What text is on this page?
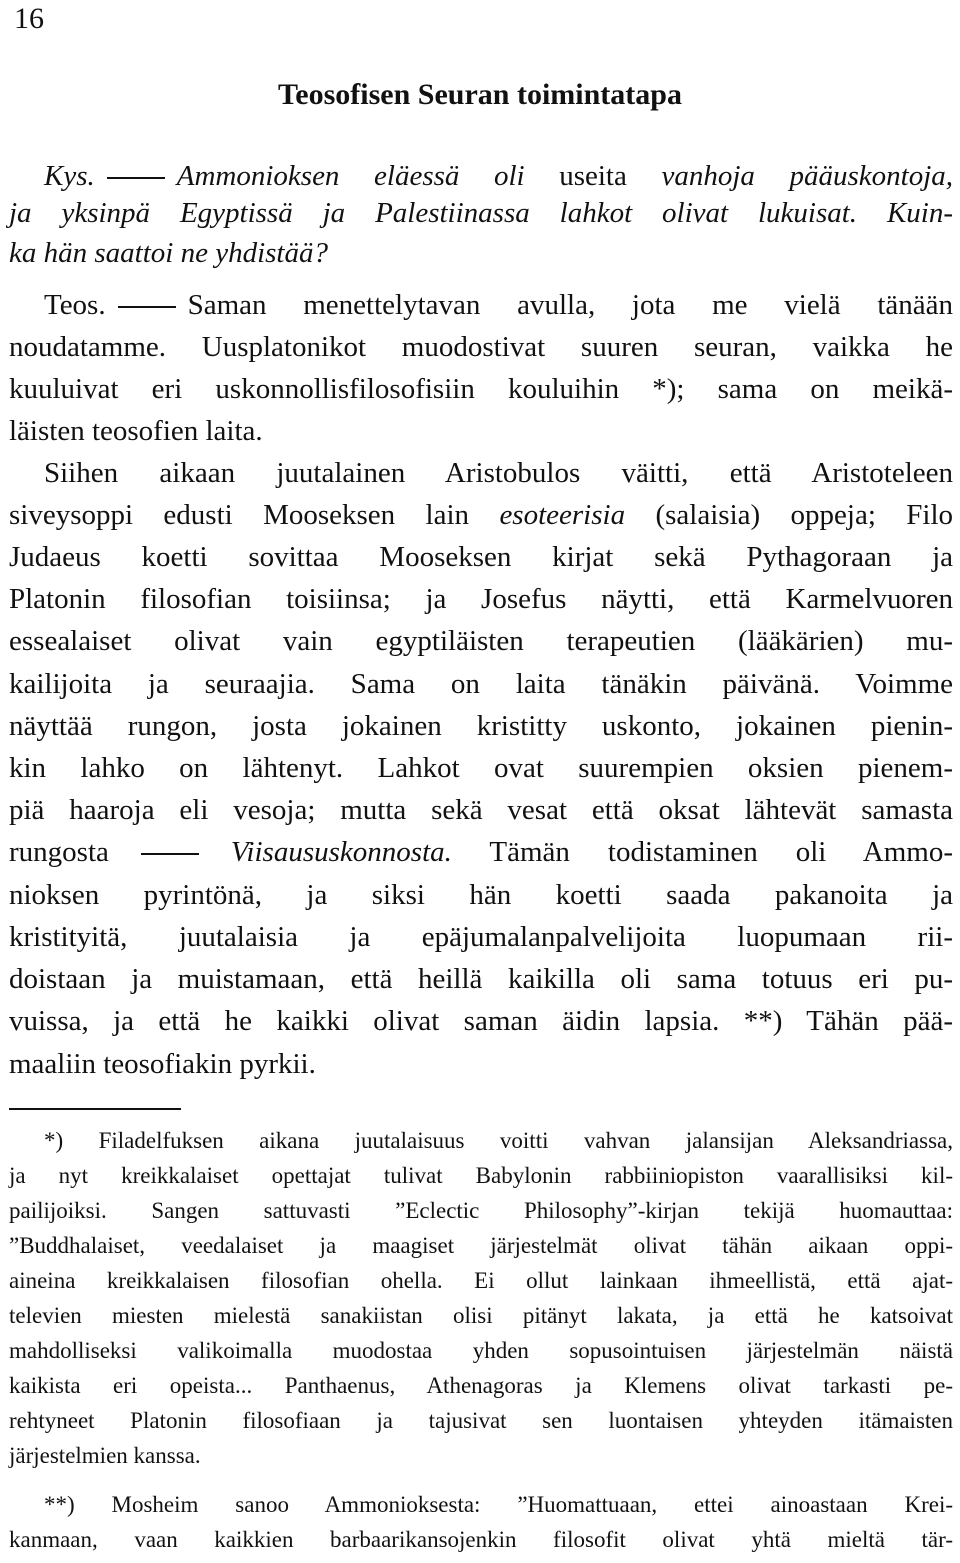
16
Teosofisen Seuran toimintatapa
Kys.	Ammonioksen eläessä oli useita vanhoja pääuskontoja,
ja yksinpä Egyptissä ja Palestiinassa lahkot olivat lukuisat. Kuin-
ka hän saattoi ne yhdistää?
Teos.	Saman menettelytavan avulla, jota me vielä tänään
noudatamme. Uusplatonikot muodostivat suuren seuran, vaikka he
kuuluivat eri uskonnollisfilosofisiin kouluihin *); sama on meikä-
läisten teosofien laita.
Siihen aikaan juutalainen Aristobulos väitti, että Aristoteleen
siveysoppi edusti Mooseksen lain esoteerisia (salaisia) oppeja; Filo
Judaeus koetti sovittaa Mooseksen kirjat sekä Pythagoraan ja
Platonin filosofian toisiinsa; ja Josefus näytti, että Karmelvuoren
essealaiset olivat vain egyptiläisten terapeutien (lääkärien) mu-
kailijoita ja seuraajia. Sama on laita tänäkin päivänä. Voimme
näyttää rungon, josta jokainen kristitty uskonto, jokainen pienin-
kin lahko on lähtenyt. Lahkot ovat suurempien oksien pienem-
piä haaroja eli vesoja; mutta sekä vesat että oksat lähtevät samasta
rungosta	Viisaususkonnosta. Tämän todistaminen oli Ammo-
nioksen pyrintönä, ja siksi hän koetti saada pakanoita ja
kristityitä, juutalaisia ja epäjumalanpalvelijoita luopumaan rii-
doistaan ja muistamaan, että heillä kaikilla oli sama totuus eri pu-
vuissa, ja että he kaikki olivat saman äidin lapsia. **) Tähän pää-
maaliin teosofiakin pyrkii.
*) Filadelfuksen aikana juutalaisuus voitti vahvan jalansijan Aleksandriassa,
ja nyt kreikkalaiset opettajat tulivat Babylonin rabbiiniopiston vaarallisiksi kil-
pailijoiksi. Sangen sattuvasti ”Eclectic Philosophy”-kirjan tekijä huomauttaa:
”Buddhalaiset, veedalaiset ja maagiset järjestelmät olivat tähän aikaan oppi-
aineina kreikkalaisen filosofian ohella. Ei ollut lainkaan ihmeellistä, että ajat-
televien miesten mielestä sanakiistan olisi pitänyt lakata, ja että he katsoivat
mahdolliseksi valikoimalla muodostaa yhden sopusointuisen järjestelmän näistä
kaikista eri opeista... Panthaenus, Athenagoras ja Klemens olivat tarkasti pe-
rehtyneet Platonin filosofiaan ja tajusivat sen luontaisen yhteyden itämaisten
järjestelmien kanssa.
**) Mosheim sanoo Ammonioksesta: ”Huomattuaan, ettei ainoastaan Krei-
kanmaan, vaan kaikkien barbaarikansojenkin filosofit olivat yhtä mieltä tär-
